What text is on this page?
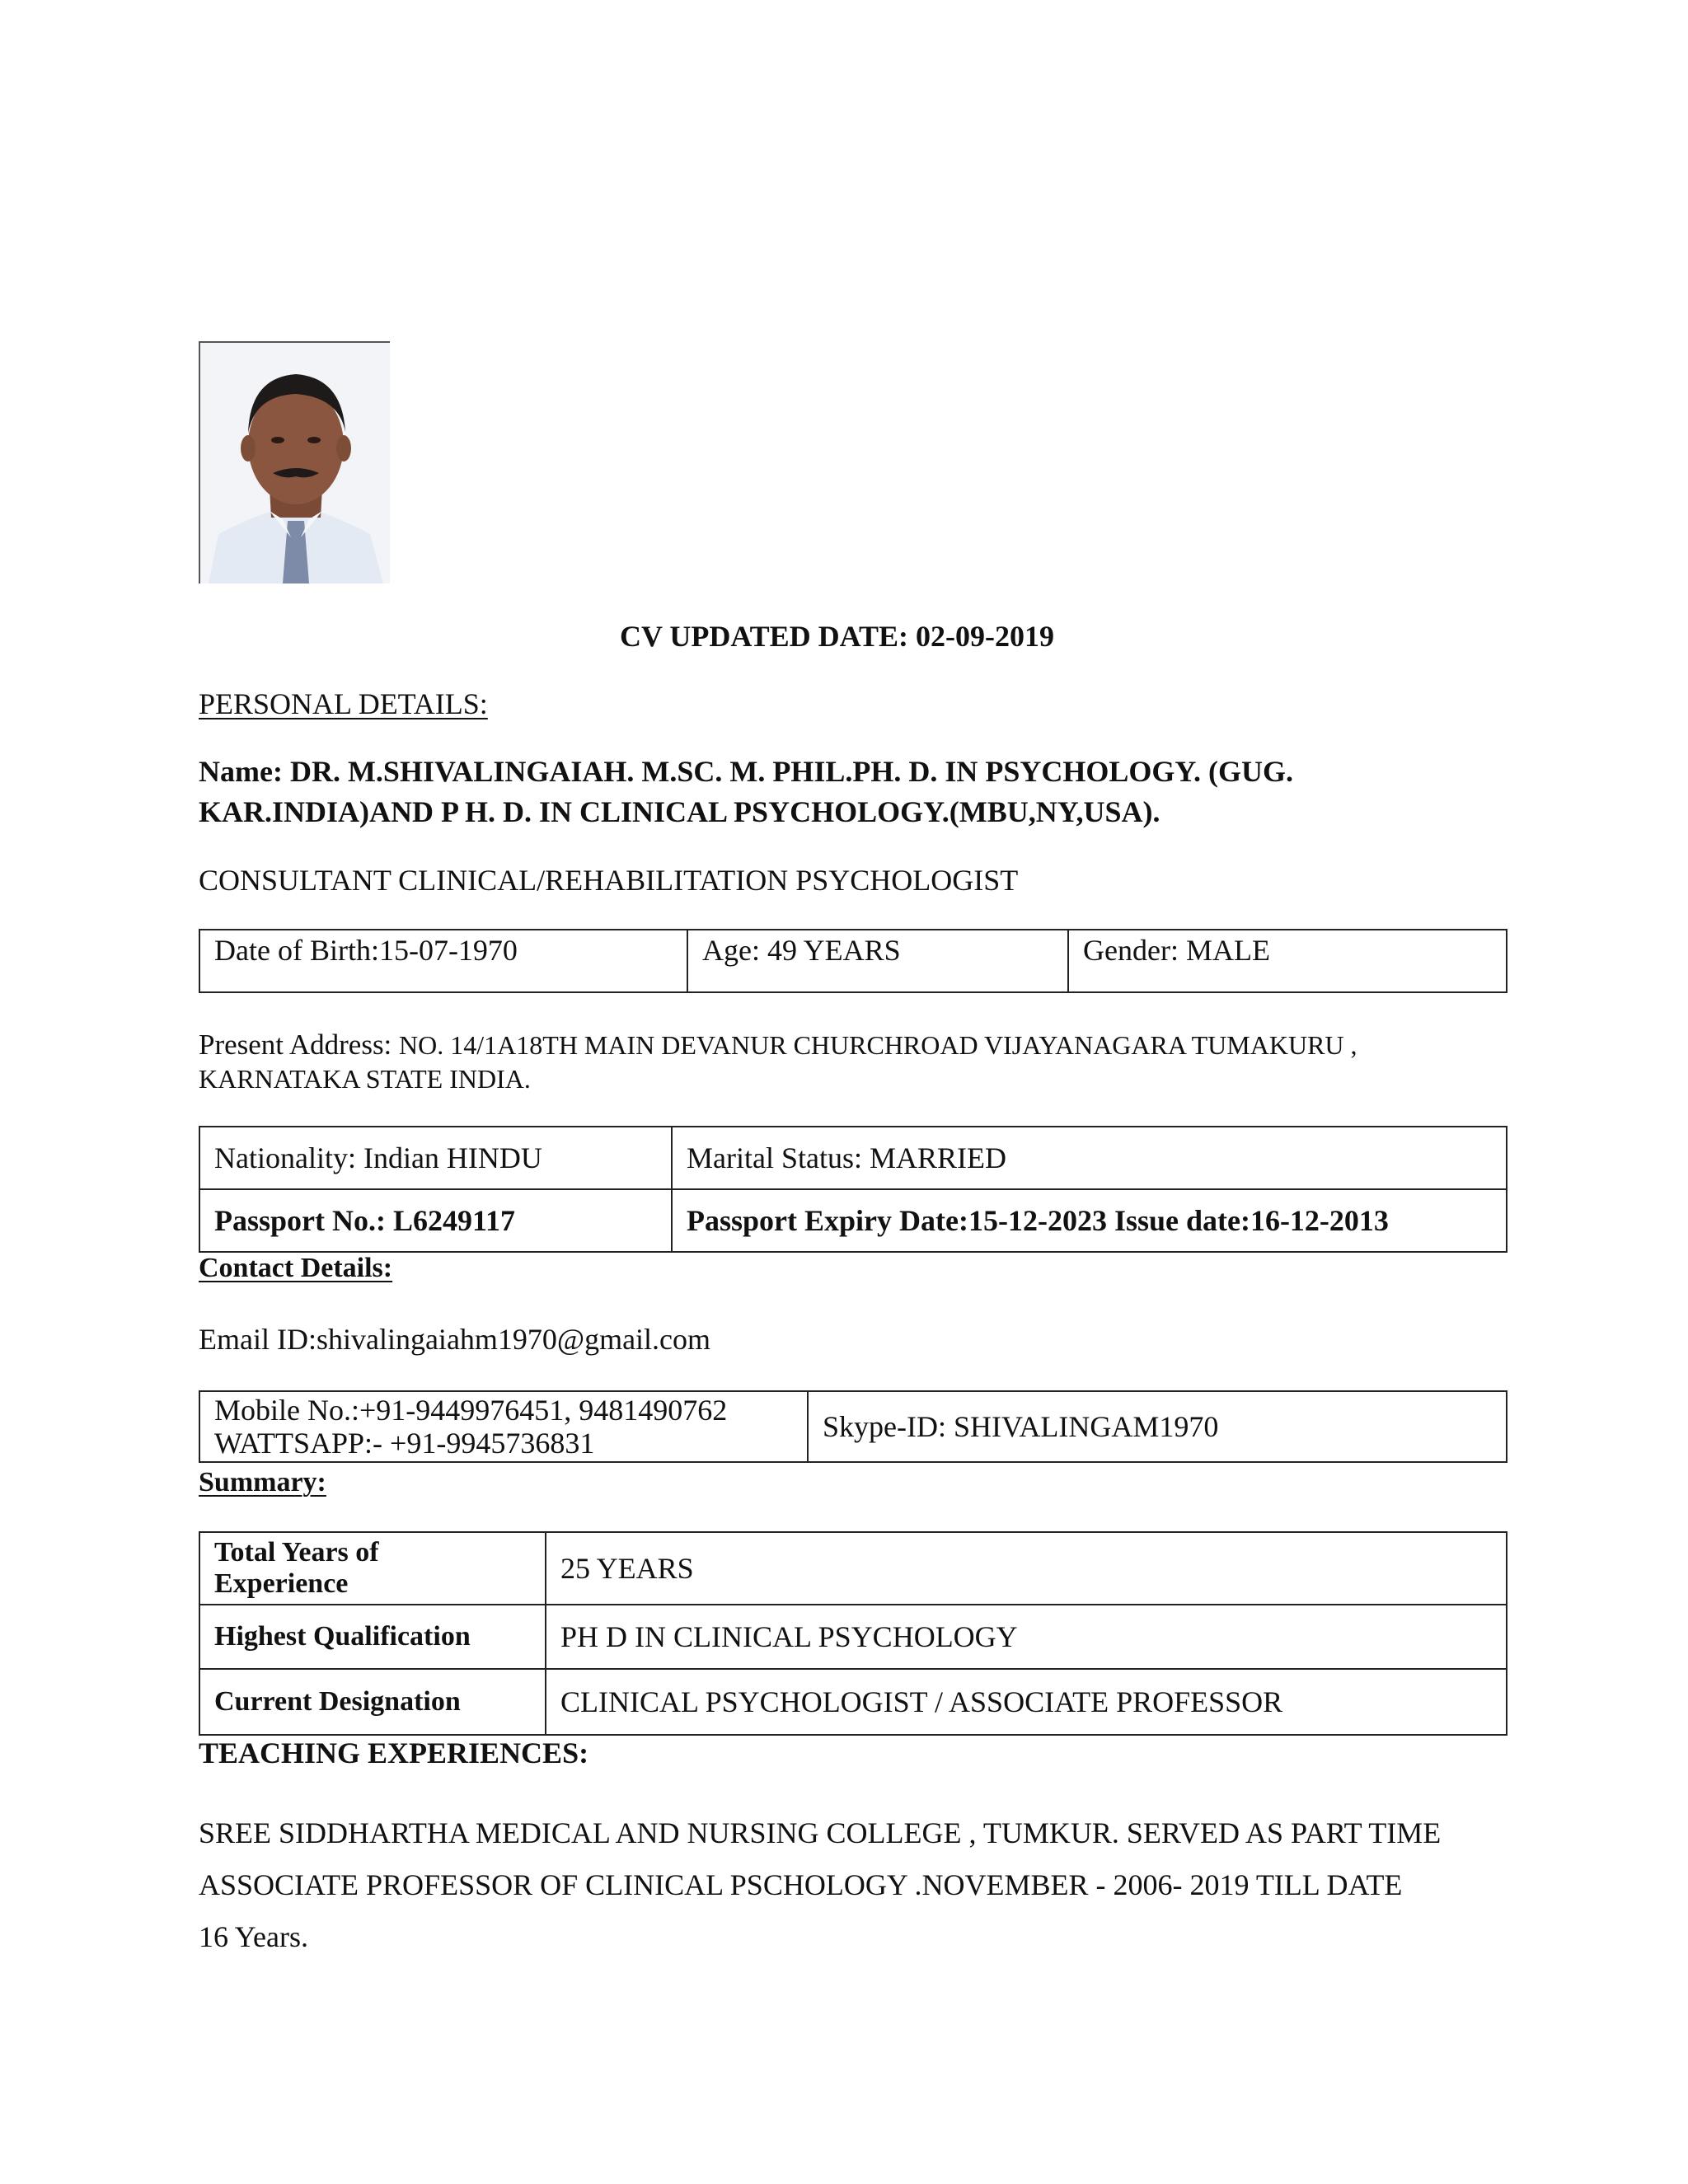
CV UPDATED DATE: 02-09-2019
PERSONAL DETAILS:
Name: DR. M.SHIVALINGAIAH. M.SC. M. PHIL.PH. D. IN PSYCHOLOGY. (GUG.
KAR.INDIA)AND P H. D. IN CLINICAL PSYCHOLOGY.(MBU,NY,USA).
CONSULTANT CLINICAL/REHABILITATION PSYCHOLOGIST
Date of Birth:15-07-1970	Age: 49 YEARS	Gender: MALE
Present Address: NO. 14/1A18TH MAIN DEVANUR CHURCHROAD VIJAYANAGARA TUMAKURU ,
KARNATAKA STATE INDIA.
Nationality: Indian HINDU	Marital Status: MARRIED
Passport No.: L6249117	Passport Expiry Date:15-12-2023 Issue date:16-12-2013
Contact Details:
Email ID:shivalingaiahm1970@gmail.com
Mobile No.:+91-9449976451, 9481490762
WATTSAPP:- +91-9945736831	Skype-ID: SHIVALINGAM1970
Summary:
Total Years of
Experience	25 YEARS
Highest Qualification	PH D IN CLINICAL PSYCHOLOGY
Current Designation	CLINICAL PSYCHOLOGIST / ASSOCIATE PROFESSOR
TEACHING EXPERIENCES:
SREE SIDDHARTHA MEDICAL AND NURSING COLLEGE , TUMKUR. SERVED AS PART TIME
ASSOCIATE PROFESSOR OF CLINICAL PSCHOLOGY .NOVEMBER - 2006- 2019 TILL DATE
16 Years.
